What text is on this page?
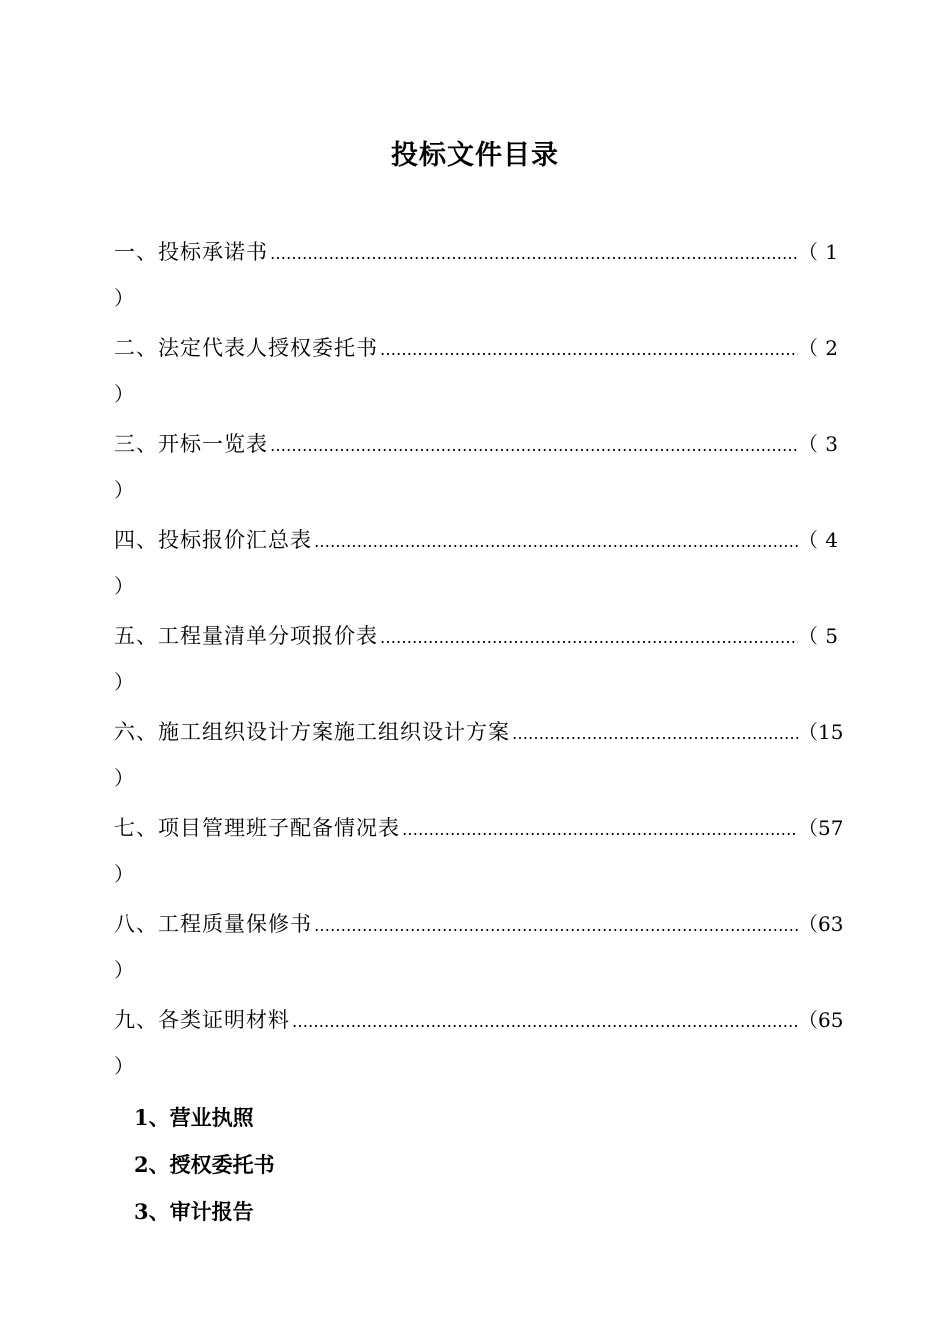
投标文件目录
一、投标承诺书 ………………………………………………………………………………………………………………………………	（ 1
）
二、法定代表人授权委托书 ………………………………………………………………………………………………………………………………	（ 2
）
三、开标一览表 ………………………………………………………………………………………………………………………………	（ 3
）
四、投标报价汇总表 ………………………………………………………………………………………………………………………………	（ 4
）
五、工程量清单分项报价表 ………………………………………………………………………………………………………………………………	（ 5
）
六、施工组织设计方案施工组织设计方案 ………………………………………………………………………………………………………………………………	（ 15
）
七、项目管理班子配备情况表 ………………………………………………………………………………………………………………………………	（ 57
）
八、工程质量保修书 ………………………………………………………………………………………………………………………………	（ 63
）
九、各类证明材料 ………………………………………………………………………………………………………………………………	（ 65
）
1、营业执照
2、授权委托书
3、审计报告
